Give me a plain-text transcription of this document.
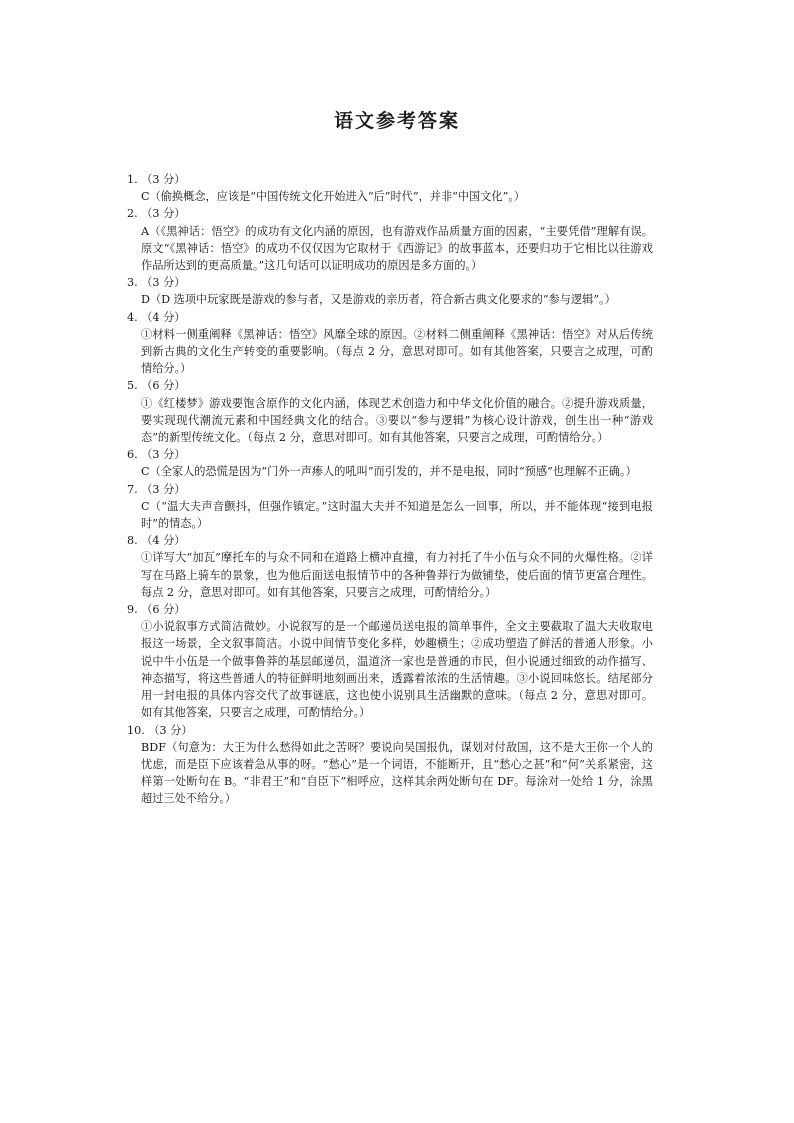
语文参考答案
1. （3 分）
C（偷换概念，应该是“中国传统文化开始进入“后”时代”，并非“中国文化”。）
2. （3 分）
A（《黑神话：悟空》的成功有文化内涵的原因，也有游戏作品质量方面的因素，“主要凭借”理解有误。原文“《黑神话：悟空》的成功不仅仅因为它取材于《西游记》的故事蓝本，还要归功于它相比以往游戏作品所达到的更高质量。”这几句话可以证明成功的原因是多方面的。）
3. （3 分）
D（D 选项中玩家既是游戏的参与者，又是游戏的亲历者，符合新古典文化要求的“参与逻辑”。）
4. （4 分）
①材料一侧重阐释《黑神话：悟空》风靡全球的原因。②材料二侧重阐释《黑神话：悟空》对从后传统到新古典的文化生产转变的重要影响。（每点 2 分，意思对即可。如有其他答案，只要言之成理，可酌情给分。）
5. （6 分）
①《红楼梦》游戏要饱含原作的文化内涵，体现艺术创造力和中华文化价值的融合。②提升游戏质量，要实现现代潮流元素和中国经典文化的结合。③要以“参与逻辑”为核心设计游戏，创生出一种“游戏态”的新型传统文化。（每点 2 分，意思对即可。如有其他答案，只要言之成理，可酌情给分。）
6. （3 分）
C（全家人的恐慌是因为“门外一声瘆人的吼叫”而引发的，并不是电报，同时“预感”也理解不正确。）
7. （3 分）
C（“温大夫声音颤抖，但强作镇定。”这时温大夫并不知道是怎么一回事，所以，并不能体现“接到电报时”的情态。）
8. （4 分）
①详写大“加瓦”摩托车的与众不同和在道路上横冲直撞，有力衬托了牛小伍与众不同的火爆性格。②详写在马路上骑车的景象，也为他后面送电报情节中的各种鲁莽行为做铺垫，使后面的情节更富合理性。每点 2 分，意思对即可。如有其他答案，只要言之成理，可酌情给分。）
9. （6 分）
①小说叙事方式简洁微妙。小说叙写的是一个邮递员送电报的简单事件，全文主要截取了温大夫收取电报这一场景，全文叙事简洁。小说中间情节变化多样，妙趣横生；②成功塑造了鲜活的普通人形象。小说中牛小伍是一个做事鲁莽的基层邮递员，温道济一家也是普通的市民，但小说通过细致的动作描写、神态描写，将这些普通人的特征鲜明地刻画出来，透露着浓浓的生活情趣。③小说回味悠长。结尾部分用一封电报的具体内容交代了故事谜底，这也使小说别具生活幽默的意味。（每点 2 分，意思对即可。如有其他答案，只要言之成理，可酌情给分。）
10. （3 分）
BDF（句意为：大王为什么愁得如此之苦呀？要说向吴国报仇，谋划对付敌国，这不是大王你一个人的忧虑，而是臣下应该着急从事的呀。“愁心”是一个词语，不能断开，且“愁心之甚”和“何”关系紧密，这样第一处断句在 B。“非君王”和“自臣下”相呼应，这样其余两处断句在 DF。每涂对一处给 1 分，涂黑超过三处不给分。）
